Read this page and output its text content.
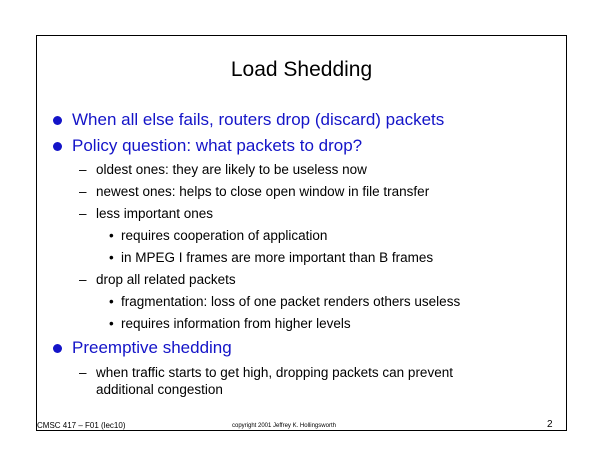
Load Shedding
When all else fails, routers drop (discard) packets
Policy question: what packets to drop?
– oldest ones: they are likely to be useless now
– newest ones: helps to close open window in file transfer
– less important ones
• requires cooperation of application
• in MPEG I frames are more important than B frames
– drop all related packets
• fragmentation: loss of one packet renders others useless
• requires information from higher levels
Preemptive shedding
– when traffic starts to get high, dropping packets can prevent
additional congestion
CMSC 417 – F01 (lec10)	copyright 2001 Jeffrey K. Hollingsworth	2
